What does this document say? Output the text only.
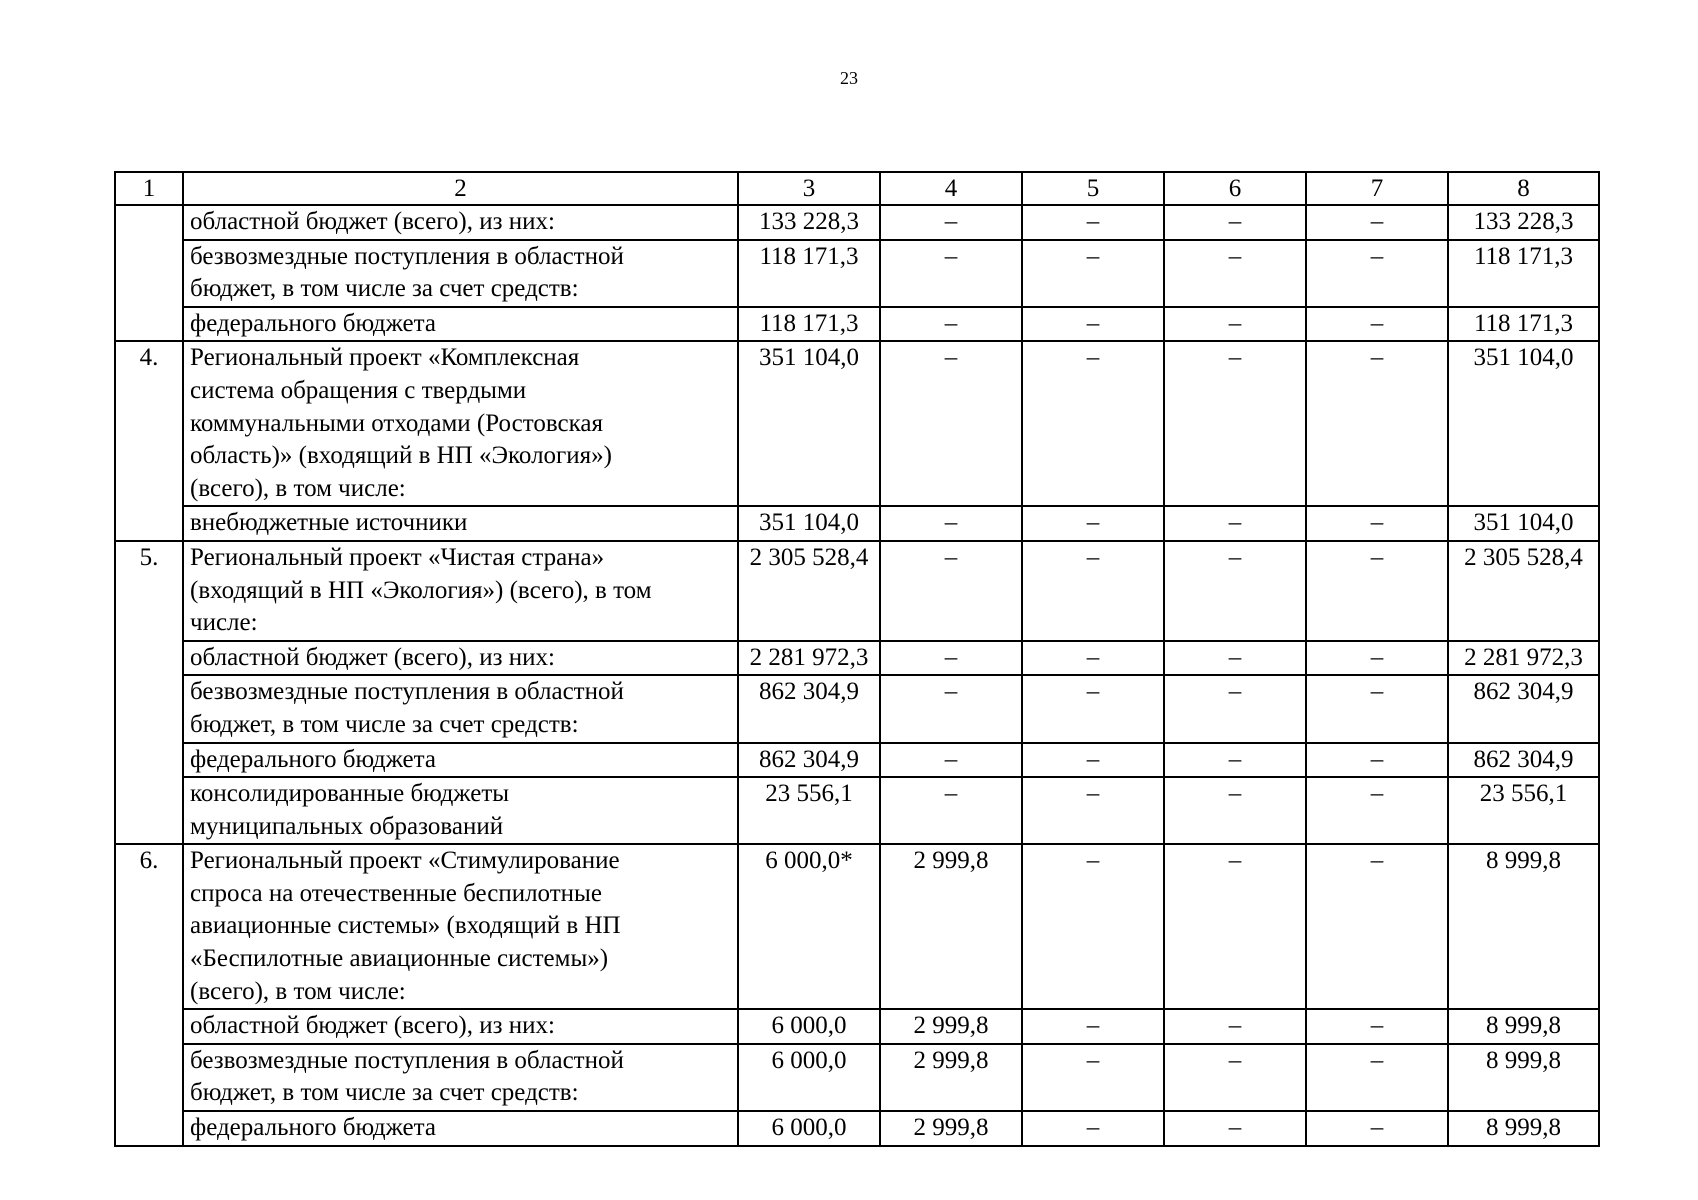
23
1	2	3	4	5	6	7	8

	областной бюджет (всего), из них:	133 228,3	–	–	–	–	133 228,3

	безвозмездные поступления в областной
бюджет, в том числе за счет средств:	118 171,3	–	–	–	–	118 171,3

	федерального бюджета	118 171,3	–	–	–	–	118 171,3
4.	Региональный проект «Комплексная
система обращения с твердыми
коммунальными отходами (Ростовская
область)» (входящий в НП «Экология»)
(всего), в том числе:	351 104,0	–	–	–	–	351 104,0

	внебюджетные источники	351 104,0	–	–	–	–	351 104,0
5.	Региональный проект «Чистая страна»
(входящий в НП «Экология») (всего), в том
числе:	2 305 528,4	–	–	–	–	2 305 528,4

	областной бюджет (всего), из них:	2 281 972,3	–	–	–	–	2 281 972,3

	безвозмездные поступления в областной
бюджет, в том числе за счет средств:	862 304,9	–	–	–	–	862 304,9

	федерального бюджета	862 304,9	–	–	–	–	862 304,9

	консолидированные бюджеты
муниципальных образований	23 556,1	–	–	–	–	23 556,1
6.	Региональный проект «Стимулирование
спроса на отечественные беспилотные
авиационные системы» (входящий в НП
«Беспилотные авиационные системы»)
(всего), в том числе:	6 000,0*	2 999,8	–	–	–	8 999,8

	областной бюджет (всего), из них:	6 000,0	2 999,8	–	–	–	8 999,8

	безвозмездные поступления в областной
бюджет, в том числе за счет средств:	6 000,0	2 999,8	–	–	–	8 999,8

	федерального бюджета	6 000,0	2 999,8	–	–	–	8 999,8
